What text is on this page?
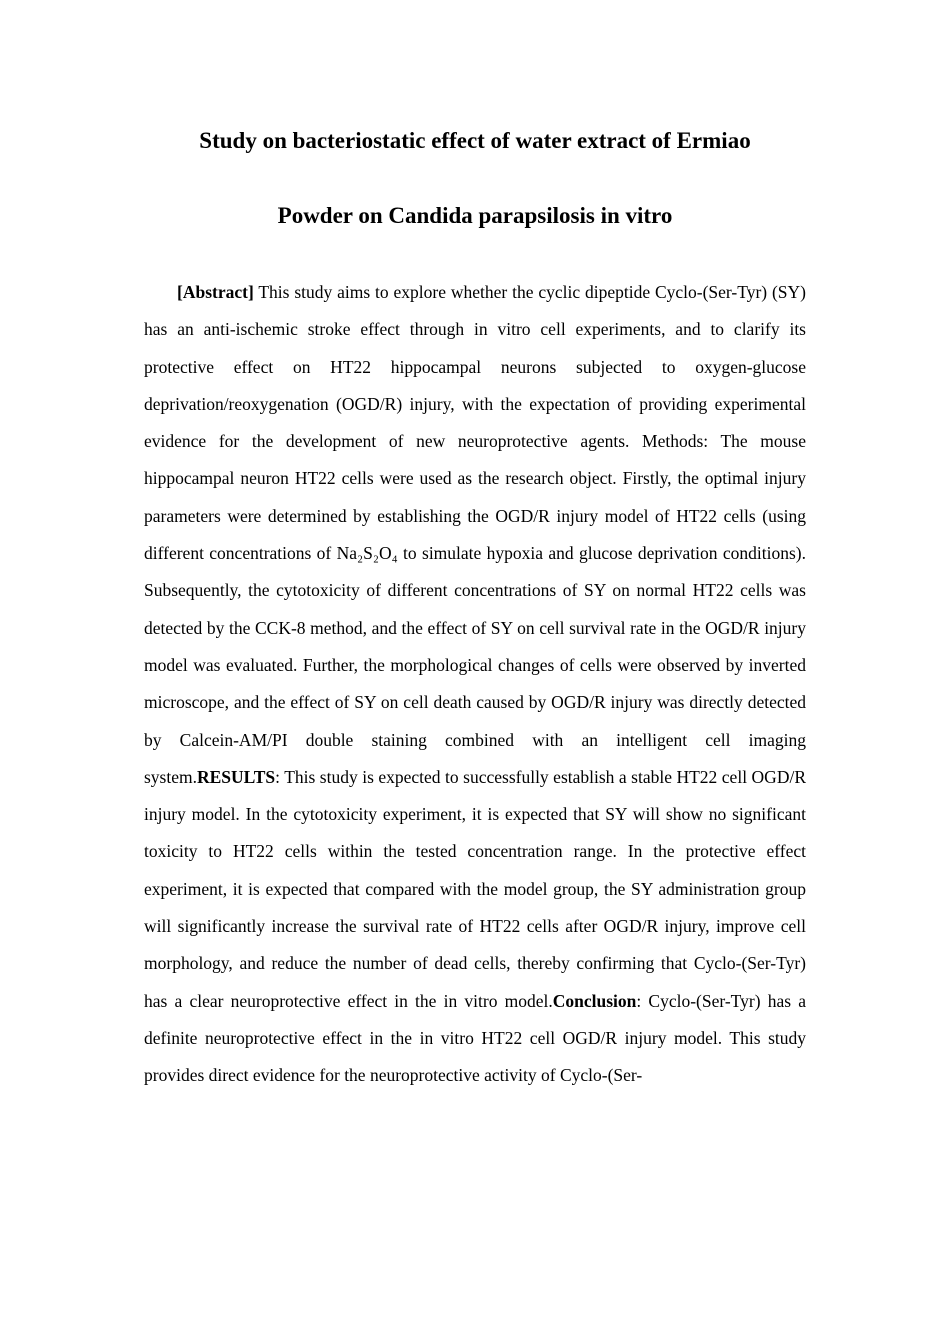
Study on bacteriostatic effect of water extract of Ermiao
Powder on Candida parapsilosis in vitro

[Abstract] This study aims to explore whether the cyclic dipeptide Cyclo-(Ser-Tyr) (SY) has an anti-ischemic stroke effect through in vitro cell experiments, and to clarify its protective effect on HT22 hippocampal neurons subjected to oxygen-glucose deprivation/reoxygenation (OGD/R) injury, with the expectation of providing experimental evidence for the development of new neuroprotective agents. Methods: The mouse hippocampal neuron HT22 cells were used as the research object. Firstly, the optimal injury parameters were determined by establishing the OGD/R injury model of HT22 cells (using different concentrations of Na₂S₂O₄ to simulate hypoxia and glucose deprivation conditions). Subsequently, the cytotoxicity of different concentrations of SY on normal HT22 cells was detected by the CCK-8 method, and the effect of SY on cell survival rate in the OGD/R injury model was evaluated. Further, the morphological changes of cells were observed by inverted microscope, and the effect of SY on cell death caused by OGD/R injury was directly detected by Calcein-AM/PI double staining combined with an intelligent cell imaging system.RESULTS: This study is expected to successfully establish a stable HT22 cell OGD/R injury model. In the cytotoxicity experiment, it is expected that SY will show no significant toxicity to HT22 cells within the tested concentration range. In the protective effect experiment, it is expected that compared with the model group, the SY administration group will significantly increase the survival rate of HT22 cells after OGD/R injury, improve cell morphology, and reduce the number of dead cells, thereby confirming that Cyclo-(Ser-Tyr) has a clear neuroprotective effect in the in vitro model.Conclusion: Cyclo-(Ser-Tyr) has a definite neuroprotective effect in the in vitro HT22 cell OGD/R injury model. This study provides direct evidence for the neuroprotective activity of Cyclo-(Ser-
